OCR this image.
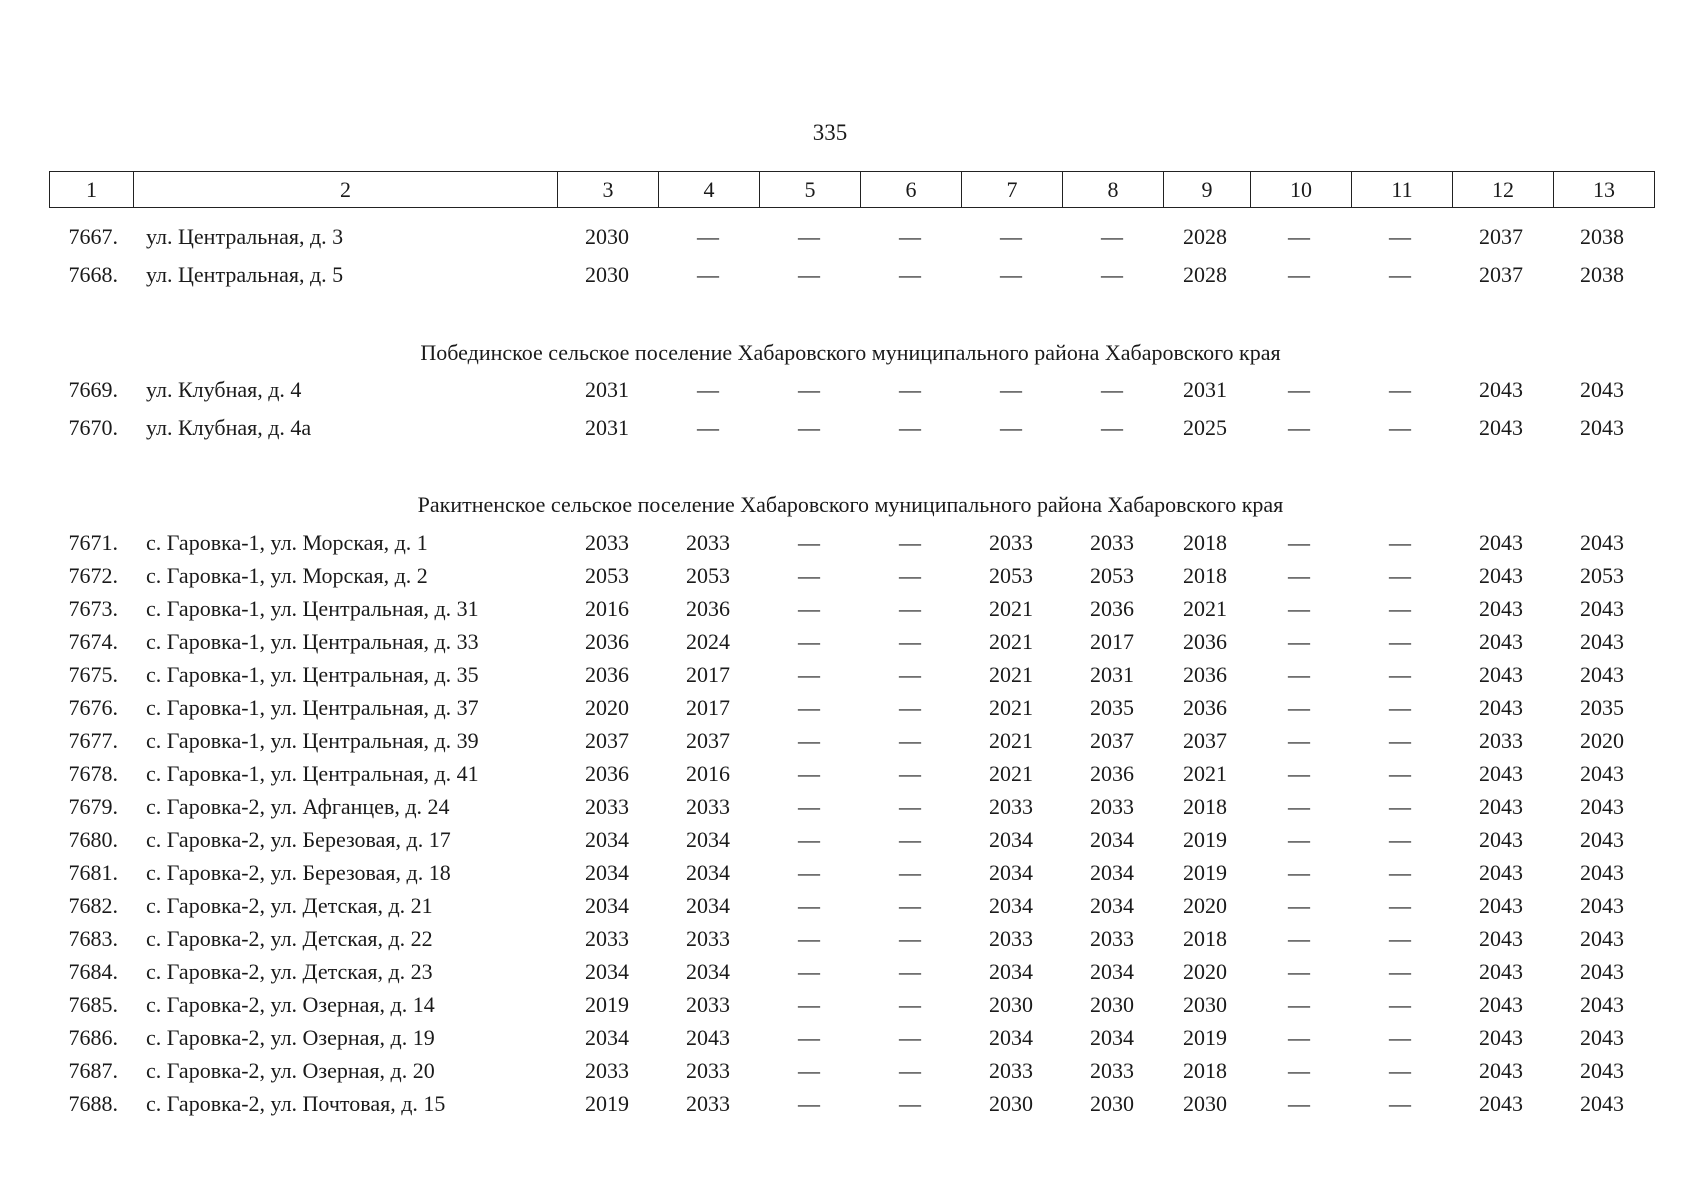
335
1	2	3	4	5	6	7	8	9	10	11	12	13
7667. ул. Центральная, д. 3	2030	—	—	—	—	—	2028	—	—	2037	2038
7668. ул. Центральная, д. 5	2030	—	—	—	—	—	2028	—	—	2037	2038
Побединское сельское поселение Хабаровского муниципального района Хабаровского края
7669. ул. Клубная, д. 4	2031	—	—	—	—	—	2031	—	—	2043	2043
7670. ул. Клубная, д. 4а	2031	—	—	—	—	—	2025	—	—	2043	2043
Ракитненское сельское поселение Хабаровского муниципального района Хабаровского края
7671. с. Гаровка-1, ул. Морская, д. 1	2033	2033	—	—	2033	2033	2018	—	—	2043	2043
7672. с. Гаровка-1, ул. Морская, д. 2	2053	2053	—	—	2053	2053	2018	—	—	2043	2053
7673. с. Гаровка-1, ул. Центральная, д. 31	2016	2036	—	—	2021	2036	2021	—	—	2043	2043
7674. с. Гаровка-1, ул. Центральная, д. 33	2036	2024	—	—	2021	2017	2036	—	—	2043	2043
7675. с. Гаровка-1, ул. Центральная, д. 35	2036	2017	—	—	2021	2031	2036	—	—	2043	2043
7676. с. Гаровка-1, ул. Центральная, д. 37	2020	2017	—	—	2021	2035	2036	—	—	2043	2035
7677. с. Гаровка-1, ул. Центральная, д. 39	2037	2037	—	—	2021	2037	2037	—	—	2033	2020
7678. с. Гаровка-1, ул. Центральная, д. 41	2036	2016	—	—	2021	2036	2021	—	—	2043	2043
7679. с. Гаровка-2, ул. Афганцев, д. 24	2033	2033	—	—	2033	2033	2018	—	—	2043	2043
7680. с. Гаровка-2, ул. Березовая, д. 17	2034	2034	—	—	2034	2034	2019	—	—	2043	2043
7681. с. Гаровка-2, ул. Березовая, д. 18	2034	2034	—	—	2034	2034	2019	—	—	2043	2043
7682. с. Гаровка-2, ул. Детская, д. 21	2034	2034	—	—	2034	2034	2020	—	—	2043	2043
7683. с. Гаровка-2, ул. Детская, д. 22	2033	2033	—	—	2033	2033	2018	—	—	2043	2043
7684. с. Гаровка-2, ул. Детская, д. 23	2034	2034	—	—	2034	2034	2020	—	—	2043	2043
7685. с. Гаровка-2, ул. Озерная, д. 14	2019	2033	—	—	2030	2030	2030	—	—	2043	2043
7686. с. Гаровка-2, ул. Озерная, д. 19	2034	2043	—	—	2034	2034	2019	—	—	2043	2043
7687. с. Гаровка-2, ул. Озерная, д. 20	2033	2033	—	—	2033	2033	2018	—	—	2043	2043
7688. с. Гаровка-2, ул. Почтовая, д. 15	2019	2033	—	—	2030	2030	2030	—	—	2043	2043
